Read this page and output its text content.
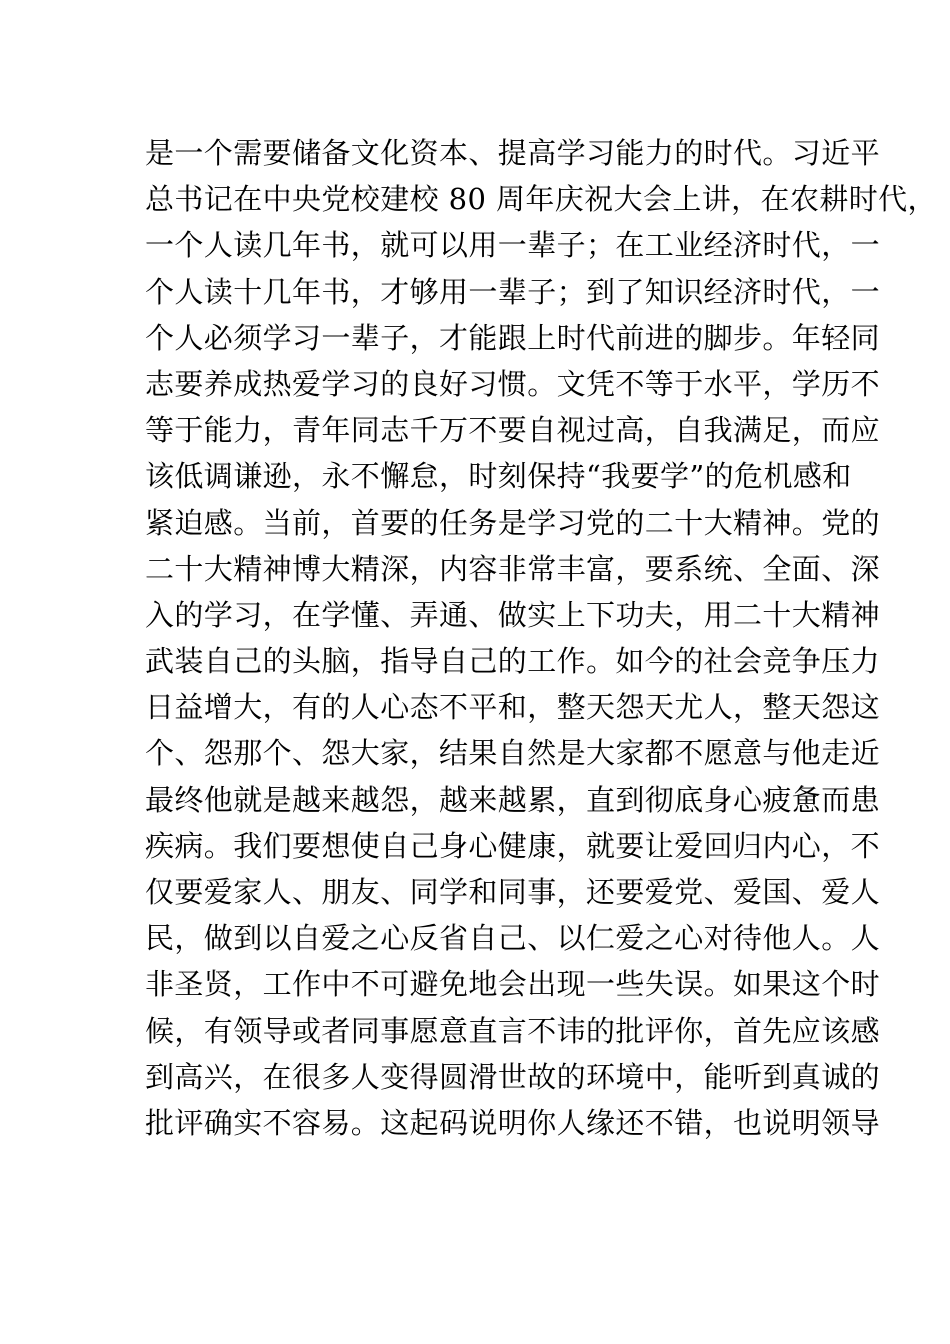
是一个需要储备文化资本、提高学习能力的时代。习近平
总书记在中央党校建校 80 周年庆祝大会上讲，在农耕时代，
一个人读几年书，就可以用一辈子；在工业经济时代，一
个人读十几年书，才够用一辈子；到了知识经济时代，一
个人必须学习一辈子，才能跟上时代前进的脚步。年轻同
志要养成热爱学习的良好习惯。文凭不等于水平，学历不
等于能力，青年同志千万不要自视过高，自我满足，而应
该低调谦逊，永不懈怠，时刻保持“我要学”的危机感和
紧迫感。当前，首要的任务是学习党的二十大精神。党的
二十大精神博大精深，内容非常丰富，要系统、全面、深
入的学习，在学懂、弄通、做实上下功夫，用二十大精神
武装自己的头脑，指导自己的工作。如今的社会竞争压力
日益增大，有的人心态不平和，整天怨天尤人，整天怨这
个、怨那个、怨大家，结果自然是大家都不愿意与他走近
最终他就是越来越怨，越来越累，直到彻底身心疲惫而患
疾病。我们要想使自己身心健康，就要让爱回归内心，不
仅要爱家人、朋友、同学和同事，还要爱党、爱国、爱人
民，做到以自爱之心反省自己、以仁爱之心对待他人。人
非圣贤，工作中不可避免地会出现一些失误。如果这个时
候，有领导或者同事愿意直言不讳的批评你，首先应该感
到高兴，在很多人变得圆滑世故的环境中，能听到真诚的
批评确实不容易。这起码说明你人缘还不错，也说明领导
